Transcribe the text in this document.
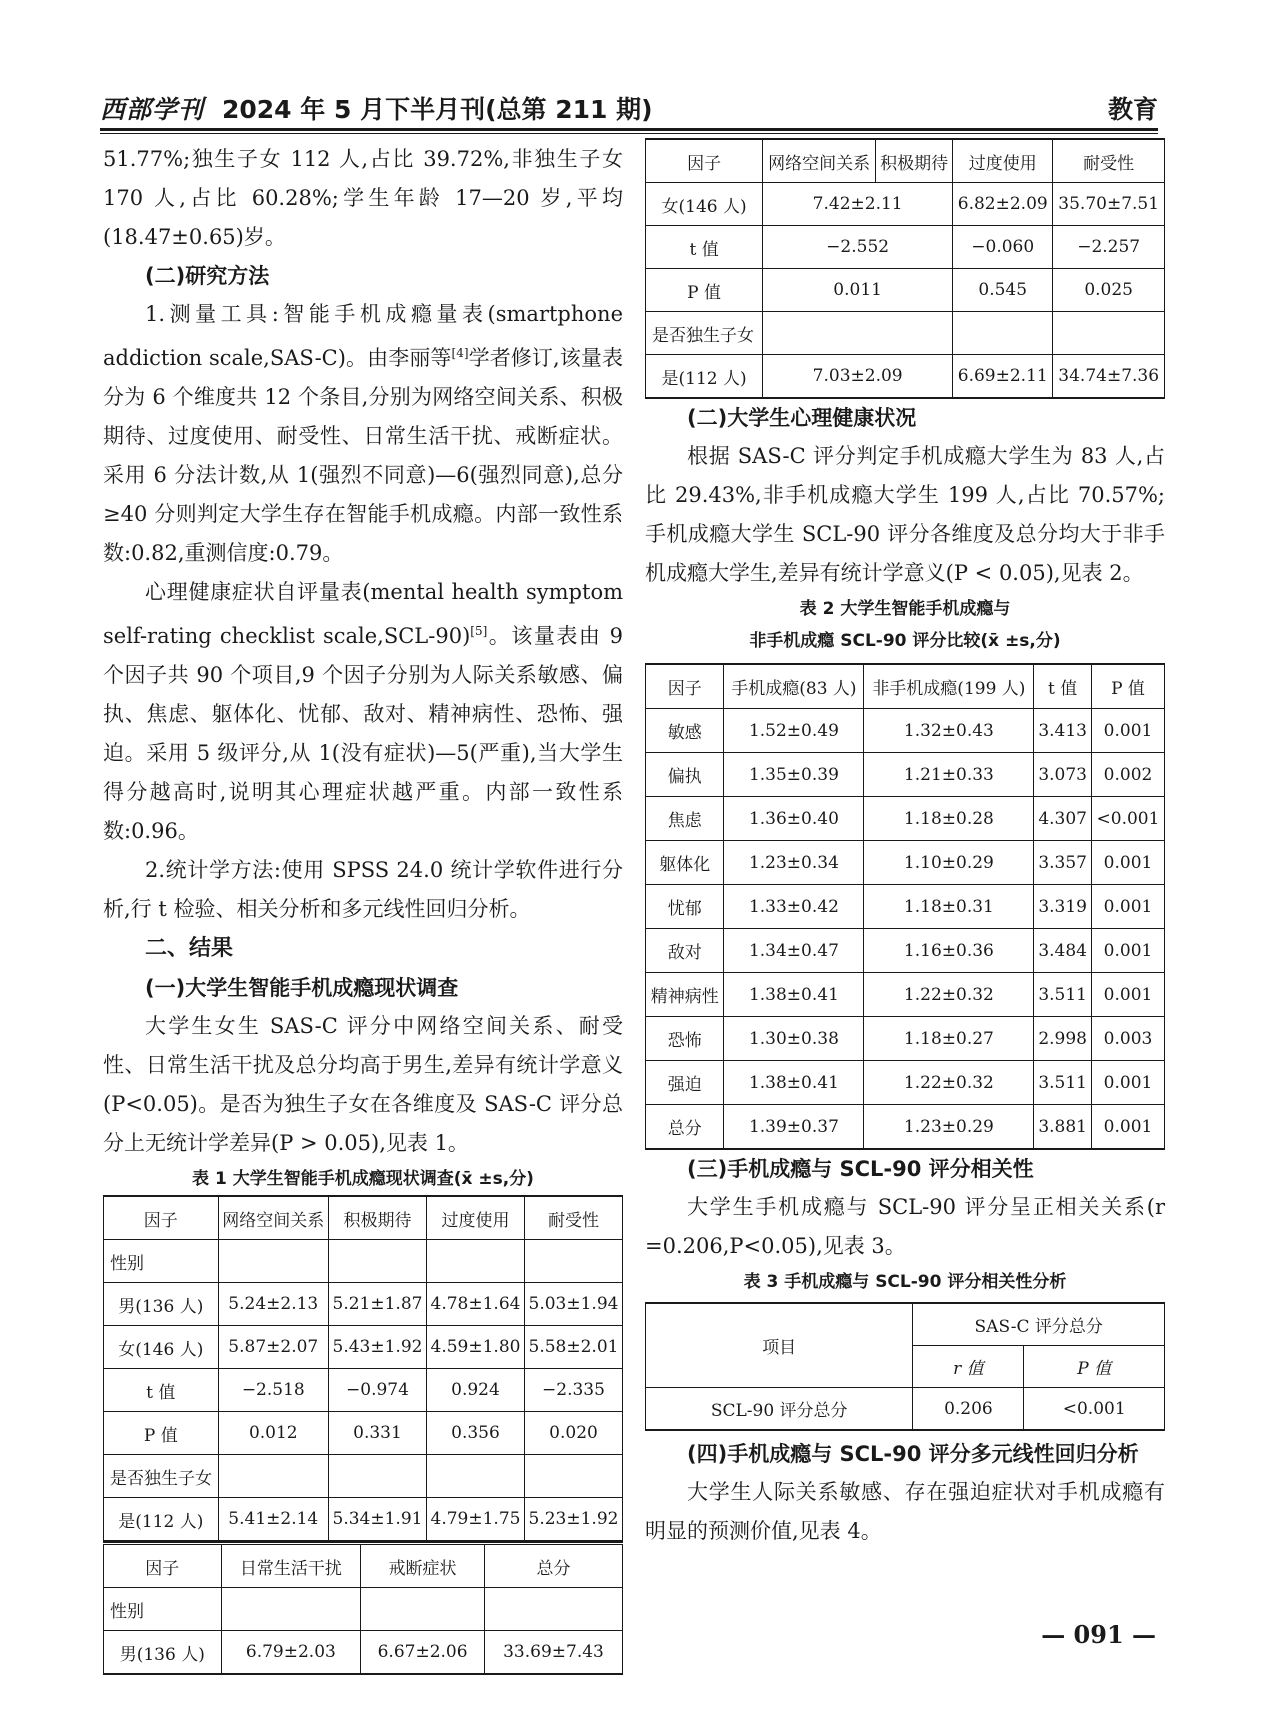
西部学刊 2024 年 5 月下半月刊(总第 211 期)	教育

51.77%;独生子女 112 人,占比 39.72%,非独生子女 170 人,占比 60.28%;学生年龄 17—20 岁,平均(18.47±0.65)岁。

(二)研究方法

1.测量工具:智能手机成瘾量表(smartphone addiction scale,SAS-C)。由李丽等[4]学者修订,该量表分为 6 个维度共 12 个条目,分别为网络空间关系、积极期待、过度使用、耐受性、日常生活干扰、戒断症状。采用 6 分法计数,从 1(强烈不同意)—6(强烈同意),总分≥40 分则判定大学生存在智能手机成瘾。内部一致性系数:0.82,重测信度:0.79。

心理健康症状自评量表(mental health symptom self-rating checklist scale,SCL-90)[5]。该量表由 9 个因子共 90 个项目,9 个因子分别为人际关系敏感、偏执、焦虑、躯体化、忧郁、敌对、精神病性、恐怖、强迫。采用 5 级评分,从 1(没有症状)—5(严重),当大学生得分越高时,说明其心理症状越严重。内部一致性系数:0.96。

2.统计学方法:使用 SPSS 24.0 统计学软件进行分析,行 t 检验、相关分析和多元线性回归分析。

二、结果
(一)大学生智能手机成瘾现状调查

大学生女生 SAS-C 评分中网络空间关系、耐受性、日常生活干扰及总分均高于男生,差异有统计学意义(P<0.05)。是否为独生子女在各维度及 SAS-C 评分总分上无统计学差异(P > 0.05),见表 1。

表 1 大学生智能手机成瘾现状调查(x̄ ±s,分)
因子	网络空间关系	积极期待	过度使用	耐受性
性别				
男(136 人)	5.24±2.13	5.21±1.87	4.78±1.64	5.03±1.94
女(146 人)	5.87±2.07	5.43±1.92	4.59±1.80	5.58±2.01
t 值	−2.518	−0.974	0.924	−2.335
P 值	0.012	0.331	0.356	0.020
是否独生子女				
是(112 人)	5.41±2.14	5.34±1.91	4.79±1.75	5.23±1.92
因子	日常生活干扰	戒断症状	总分
性别			
男(136 人)	6.79±2.03	6.67±2.06	33.69±7.43
因子	网络空间关系	积极期待	过度使用	耐受性
女(146 人)	7.42±2.11		6.82±2.09	35.70±7.51
t 值	−2.552		−0.060	−2.257
P 值	0.011		0.545	0.025
是否独生子女				
是(112 人)	7.03±2.09		6.69±2.11	34.74±7.36
(二)大学生心理健康状况

根据 SAS-C 评分判定手机成瘾大学生为 83 人,占比 29.43%,非手机成瘾大学生 199 人,占比 70.57%;手机成瘾大学生 SCL-90 评分各维度及总分均大于非手机成瘾大学生,差异有统计学意义(P < 0.05),见表 2。

表 2 大学生智能手机成瘾与
非手机成瘾 SCL-90 评分比较(x̄ ±s,分)
因子	手机成瘾(83 人)	非手机成瘾(199 人)	t 值	P 值
敏感	1.52±0.49	1.32±0.43	3.413	0.001
偏执	1.35±0.39	1.21±0.33	3.073	0.002
焦虑	1.36±0.40	1.18±0.28	4.307	<0.001
躯体化	1.23±0.34	1.10±0.29	3.357	0.001
忧郁	1.33±0.42	1.18±0.31	3.319	0.001
敌对	1.34±0.47	1.16±0.36	3.484	0.001
精神病性	1.38±0.41	1.22±0.32	3.511	0.001
恐怖	1.30±0.38	1.18±0.27	2.998	0.003
强迫	1.38±0.41	1.22±0.32	3.511	0.001
总分	1.39±0.37	1.23±0.29	3.881	0.001
(三)手机成瘾与 SCL-90 评分相关性

大学生手机成瘾与 SCL-90 评分呈正相关关系(r =0.206,P<0.05),见表 3。

表 3 手机成瘾与 SCL-90 评分相关性分析
项目	SAS-C 评分总分	
	r 值	P 值
SCL-90 评分总分	0.206	<0.001
(四)手机成瘾与 SCL-90 评分多元线性回归分析

大学生人际关系敏感、存在强迫症状对手机成瘾有明显的预测价值,见表 4。

— 091 —
